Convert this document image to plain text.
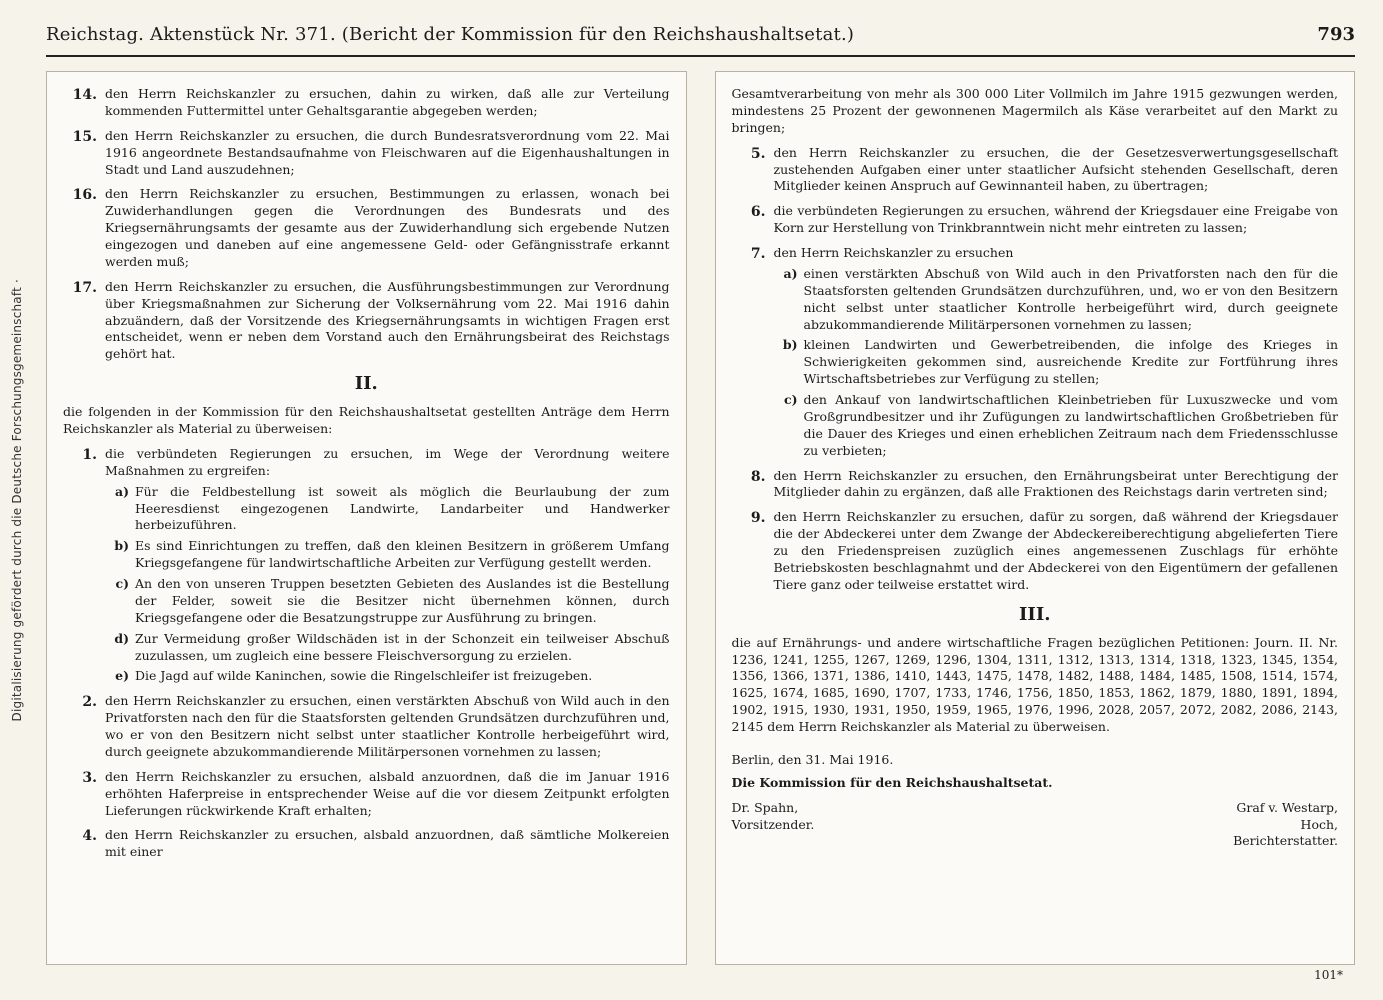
Digitalisierung gefördert durch die Deutsche Forschungsgemeinschaft ·
Reichstag. Aktenstück Nr. 371. (Bericht der Kommission für den Reichshaushaltsetat.)	793
14. den Herrn Reichskanzler zu ersuchen, dahin zu wirken, daß alle zur Verteilung kommenden Futtermittel unter Gehaltsgarantie abgegeben werden;
15. den Herrn Reichskanzler zu ersuchen, die durch Bundesratsverordnung vom 22. Mai 1916 angeordnete Bestandsaufnahme von Fleischwaren auf die Eigenhaushaltungen in Stadt und Land auszudehnen;
16. den Herrn Reichskanzler zu ersuchen, Bestimmungen zu erlassen, wonach bei Zuwiderhandlungen gegen die Verordnungen des Bundesrats und des Kriegsernährungsamts der gesamte aus der Zuwiderhandlung sich ergebende Nutzen eingezogen und daneben auf eine angemessene Geld- oder Gefängnisstrafe erkannt werden muß;
17. den Herrn Reichskanzler zu ersuchen, die Ausführungsbestimmungen zur Verordnung über Kriegsmaßnahmen zur Sicherung der Volksernährung vom 22. Mai 1916 dahin abzuändern, daß der Vorsitzende des Kriegsernährungsamts in wichtigen Fragen erst entscheidet, wenn er neben dem Vorstand auch den Ernährungsbeirat des Reichstags gehört hat.
II.

die folgenden in der Kommission für den Reichshaushaltsetat gestellten Anträge dem Herrn Reichskanzler als Material zu überweisen:

1. die verbündeten Regierungen zu ersuchen, im Wege der Verordnung weitere Maßnahmen zu ergreifen:
a) Für die Feldbestellung ist soweit als möglich die Beurlaubung der zum Heeresdienst eingezogenen Landwirte, Landarbeiter und Handwerker herbeizuführen.
b) Es sind Einrichtungen zu treffen, daß den kleinen Besitzern in größerem Umfang Kriegsgefangene für landwirtschaftliche Arbeiten zur Verfügung gestellt werden.
c) An den von unseren Truppen besetzten Gebieten des Auslandes ist die Bestellung der Felder, soweit sie die Besitzer nicht übernehmen können, durch Kriegsgefangene oder die Besatzungstruppe zur Ausführung zu bringen.
d) Zur Vermeidung großer Wildschäden ist in der Schonzeit ein teilweiser Abschuß zuzulassen, um zugleich eine bessere Fleischversorgung zu erzielen.
e) Die Jagd auf wilde Kaninchen, sowie die Ringelschleifer ist freizugeben.
2. den Herrn Reichskanzler zu ersuchen, einen verstärkten Abschuß von Wild auch in den Privatforsten nach den für die Staatsforsten geltenden Grundsätzen durchzuführen und, wo er von den Besitzern nicht selbst unter staatlicher Kontrolle herbeigeführt wird, durch geeignete abzukommandierende Militärpersonen vornehmen zu lassen;
3. den Herrn Reichskanzler zu ersuchen, alsbald anzuordnen, daß die im Januar 1916 erhöhten Haferpreise in entsprechender Weise auf die vor diesem Zeitpunkt erfolgten Lieferungen rückwirkende Kraft erhalten;
4. den Herrn Reichskanzler zu ersuchen, alsbald anzuordnen, daß sämtliche Molkereien mit einer

Gesamtverarbeitung von mehr als 300 000 Liter Vollmilch im Jahre 1915 gezwungen werden, mindestens 25 Prozent der gewonnenen Magermilch als Käse verarbeitet auf den Markt zu bringen;

5. den Herrn Reichskanzler zu ersuchen, die der Gesetzesverwertungsgesellschaft zustehenden Aufgaben einer unter staatlicher Aufsicht stehenden Gesellschaft, deren Mitglieder keinen Anspruch auf Gewinnanteil haben, zu übertragen;
6. die verbündeten Regierungen zu ersuchen, während der Kriegsdauer eine Freigabe von Korn zur Herstellung von Trinkbranntwein nicht mehr eintreten zu lassen;
7. den Herrn Reichskanzler zu ersuchen
a) einen verstärkten Abschuß von Wild auch in den Privatforsten nach den für die Staatsforsten geltenden Grundsätzen durchzuführen, und, wo er von den Besitzern nicht selbst unter staatlicher Kontrolle herbeigeführt wird, durch geeignete abzukommandierende Militärpersonen vornehmen zu lassen;
b) kleinen Landwirten und Gewerbetreibenden, die infolge des Krieges in Schwierigkeiten gekommen sind, ausreichende Kredite zur Fortführung ihres Wirtschaftsbetriebes zur Verfügung zu stellen;
c) den Ankauf von landwirtschaftlichen Kleinbetrieben für Luxuszwecke und vom Großgrundbesitzer und ihr Zufügungen zu landwirtschaftlichen Großbetrieben für die Dauer des Krieges und einen erheblichen Zeitraum nach dem Friedensschlusse zu verbieten;
8. den Herrn Reichskanzler zu ersuchen, den Ernährungsbeirat unter Berechtigung der Mitglieder dahin zu ergänzen, daß alle Fraktionen des Reichstags darin vertreten sind;
9. den Herrn Reichskanzler zu ersuchen, dafür zu sorgen, daß während der Kriegsdauer die der Abdeckerei unter dem Zwange der Abdeckereiberechtigung abgelieferten Tiere zu den Friedenspreisen zuzüglich eines angemessenen Zuschlags für erhöhte Betriebskosten beschlagnahmt und der Abdeckerei von den Eigentümern der gefallenen Tiere ganz oder teilweise erstattet wird.
III.

die auf Ernährungs- und andere wirtschaftliche Fragen bezüglichen Petitionen: Journ. II. Nr. 1236, 1241, 1255, 1267, 1269, 1296, 1304, 1311, 1312, 1313, 1314, 1318, 1323, 1345, 1354, 1356, 1366, 1371, 1386, 1410, 1443, 1475, 1478, 1482, 1488, 1484, 1485, 1508, 1514, 1574, 1625, 1674, 1685, 1690, 1707, 1733, 1746, 1756, 1850, 1853, 1862, 1879, 1880, 1891, 1894, 1902, 1915, 1930, 1931, 1950, 1959, 1965, 1976, 1996, 2028, 2057, 2072, 2082, 2086, 2143, 2145 dem Herrn Reichskanzler als Material zu überweisen.

Berlin, den 31. Mai 1916.
Die Kommission für den Reichshaushaltsetat.
Dr. Spahn,
Vorsitzender.
Graf v. Westarp,
Hoch,
Berichterstatter.
101*
